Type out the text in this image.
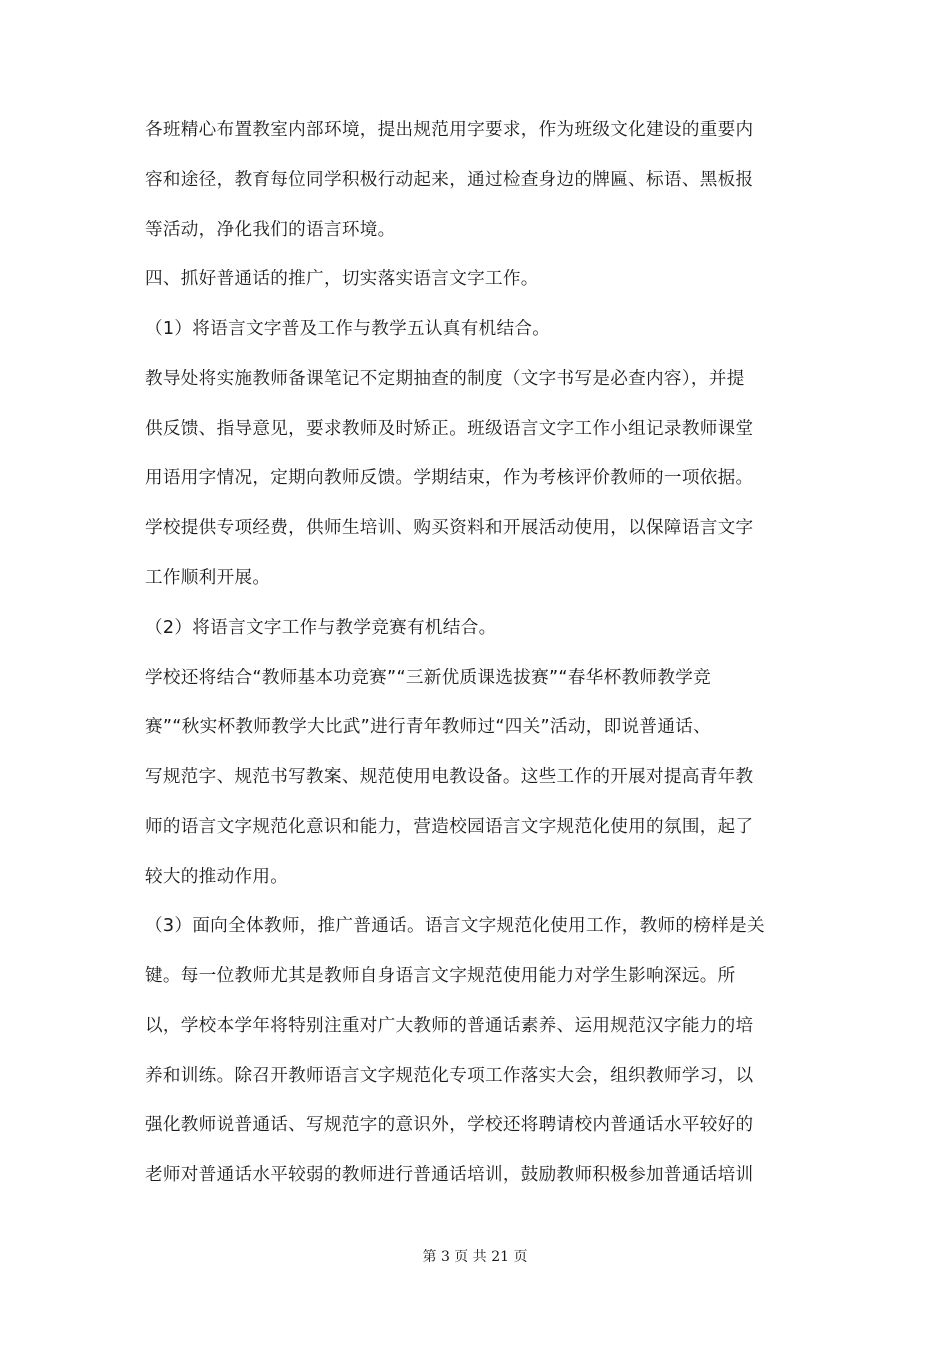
各班精心布置教室内部环境，提出规范用字要求，作为班级文化建设的重要内
容和途径，教育每位同学积极行动起来，通过检查身边的牌匾、标语、黑板报
等活动，净化我们的语言环境。
四、抓好普通话的推广，切实落实语言文字工作。
（1）将语言文字普及工作与教学五认真有机结合。
教导处将实施教师备课笔记不定期抽查的制度（文字书写是必查内容），并提
供反馈、指导意见，要求教师及时矫正。班级语言文字工作小组记录教师课堂
用语用字情况，定期向教师反馈。学期结束，作为考核评价教师的一项依据。
学校提供专项经费，供师生培训、购买资料和开展活动使用，以保障语言文字
工作顺利开展。
（2）将语言文字工作与教学竞赛有机结合。
学校还将结合“教师基本功竞赛”“三新优质课选拔赛”“春华杯教师教学竞
赛”“秋实杯教师教学大比武”进行青年教师过“四关”活动，即说普通话、
写规范字、规范书写教案、规范使用电教设备。这些工作的开展对提高青年教
师的语言文字规范化意识和能力，营造校园语言文字规范化使用的氛围，起了
较大的推动作用。
（3）面向全体教师，推广普通话。语言文字规范化使用工作，教师的榜样是关
键。每一位教师尤其是教师自身语言文字规范使用能力对学生影响深远。所
以，学校本学年将特别注重对广大教师的普通话素养、运用规范汉字能力的培
养和训练。除召开教师语言文字规范化专项工作落实大会，组织教师学习，以
强化教师说普通话、写规范字的意识外，学校还将聘请校内普通话水平较好的
老师对普通话水平较弱的教师进行普通话培训，鼓励教师积极参加普通话培训
第 3 页 共 21 页
